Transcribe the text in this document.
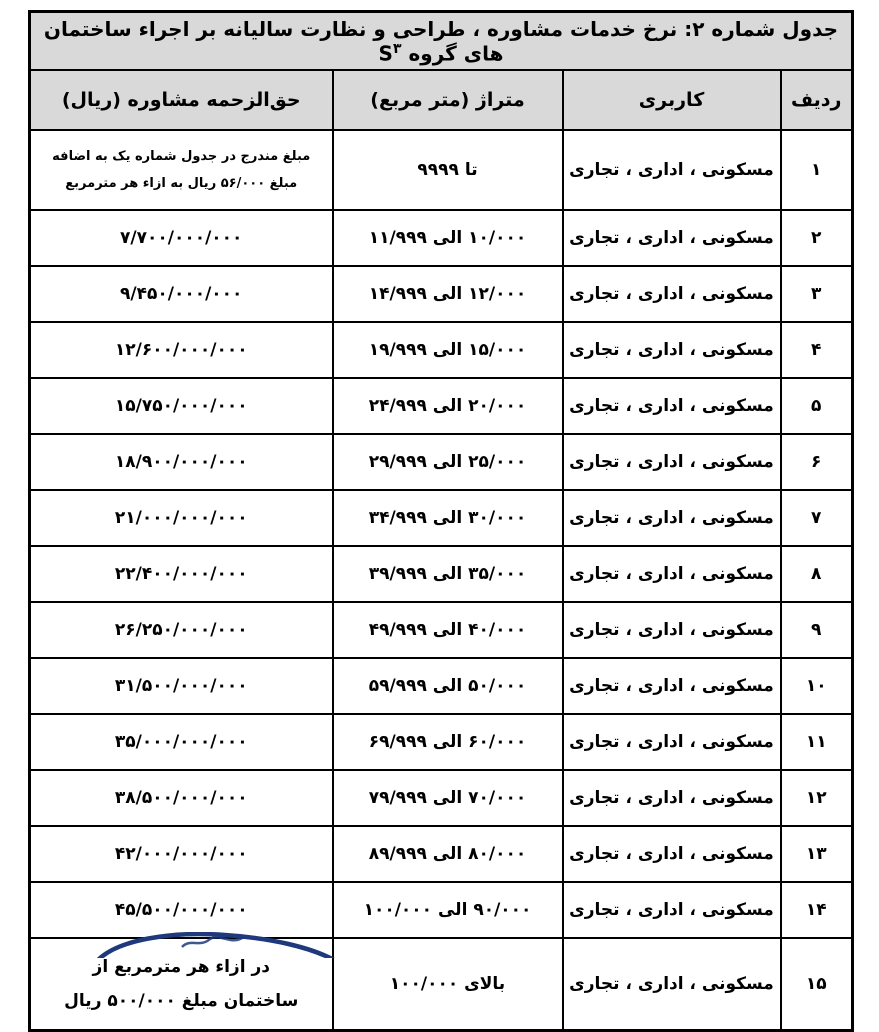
جدول شماره ۲: نرخ خدمات مشاوره ، طراحی و نظارت سالیانه بر اجراء ساختمان های گروه $S^۳$
ردیف	کاربری	متراژ (متر مربع)	حق‌الزحمه مشاوره (ریال)
۱	مسکونی ، اداری ، تجاری	تا ۹۹۹۹	مبلغ مندرج در جدول شماره یک به اضافه مبلغ ۵۶/۰۰۰ ریال به ازاء هر مترمربع
۲	مسکونی ، اداری ، تجاری	۱۰/۰۰۰ الی ۱۱/۹۹۹	۷/۷۰۰/۰۰۰/۰۰۰
۳	مسکونی ، اداری ، تجاری	۱۲/۰۰۰ الی ۱۴/۹۹۹	۹/۴۵۰/۰۰۰/۰۰۰
۴	مسکونی ، اداری ، تجاری	۱۵/۰۰۰ الی ۱۹/۹۹۹	۱۲/۶۰۰/۰۰۰/۰۰۰
۵	مسکونی ، اداری ، تجاری	۲۰/۰۰۰ الی ۲۴/۹۹۹	۱۵/۷۵۰/۰۰۰/۰۰۰
۶	مسکونی ، اداری ، تجاری	۲۵/۰۰۰ الی ۲۹/۹۹۹	۱۸/۹۰۰/۰۰۰/۰۰۰
۷	مسکونی ، اداری ، تجاری	۳۰/۰۰۰ الی ۳۴/۹۹۹	۲۱/۰۰۰/۰۰۰/۰۰۰
۸	مسکونی ، اداری ، تجاری	۳۵/۰۰۰ الی ۳۹/۹۹۹	۲۲/۴۰۰/۰۰۰/۰۰۰
۹	مسکونی ، اداری ، تجاری	۴۰/۰۰۰ الی ۴۹/۹۹۹	۲۶/۲۵۰/۰۰۰/۰۰۰
۱۰	مسکونی ، اداری ، تجاری	۵۰/۰۰۰ الی ۵۹/۹۹۹	۳۱/۵۰۰/۰۰۰/۰۰۰
۱۱	مسکونی ، اداری ، تجاری	۶۰/۰۰۰ الی ۶۹/۹۹۹	۳۵/۰۰۰/۰۰۰/۰۰۰
۱۲	مسکونی ، اداری ، تجاری	۷۰/۰۰۰ الی ۷۹/۹۹۹	۳۸/۵۰۰/۰۰۰/۰۰۰
۱۳	مسکونی ، اداری ، تجاری	۸۰/۰۰۰ الی ۸۹/۹۹۹	۴۲/۰۰۰/۰۰۰/۰۰۰
۱۴	مسکونی ، اداری ، تجاری	۹۰/۰۰۰ الی ۱۰۰/۰۰۰	۴۵/۵۰۰/۰۰۰/۰۰۰
۱۵	مسکونی ، اداری ، تجاری	بالای ۱۰۰/۰۰۰	در ازاء هر مترمربع از ساختمان مبلغ ۵۰۰/۰۰۰ ریال
